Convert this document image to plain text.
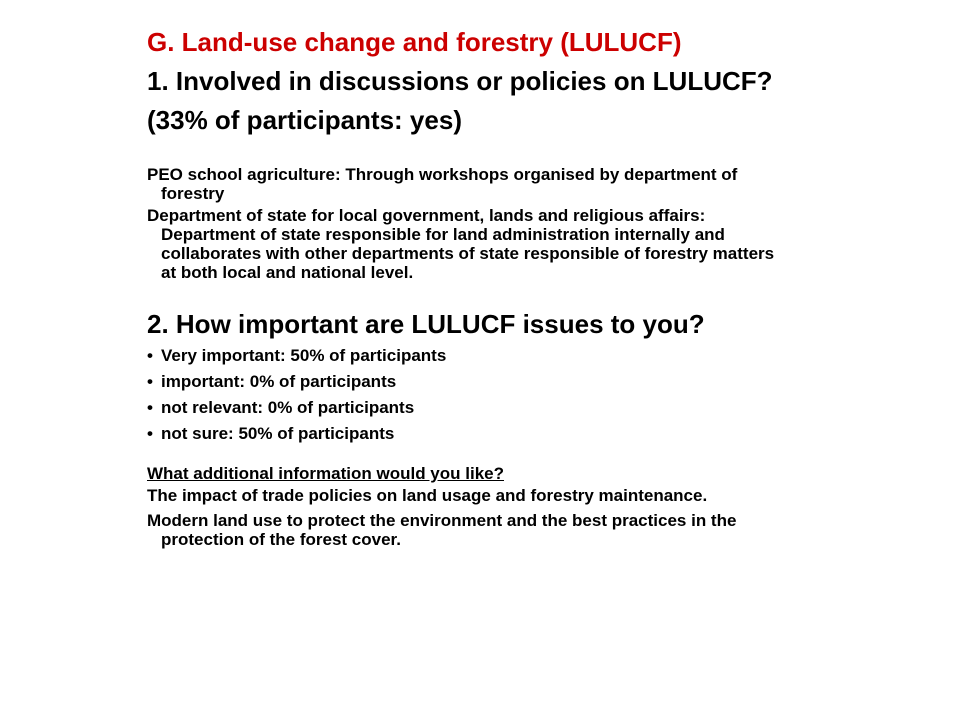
G. Land-use change and forestry (LULUCF)

1. Involved in discussions or policies on LULUCF?

(33% of participants: yes)

PEO school agriculture: Through workshops organised by department of forestry

Department of state for local government, lands and religious affairs: Department of state responsible for land administration internally and collaborates with other departments of state responsible of forestry matters at both local and national level.

2. How important are LULUCF issues to you?

• Very important: 50% of participants
• important: 0% of participants
• not relevant: 0% of participants
• not sure: 50% of participants

What additional information would you like?

The impact of trade policies on land usage and forestry maintenance.

Modern land use to protect the environment and the best practices in the protection of the forest cover.
